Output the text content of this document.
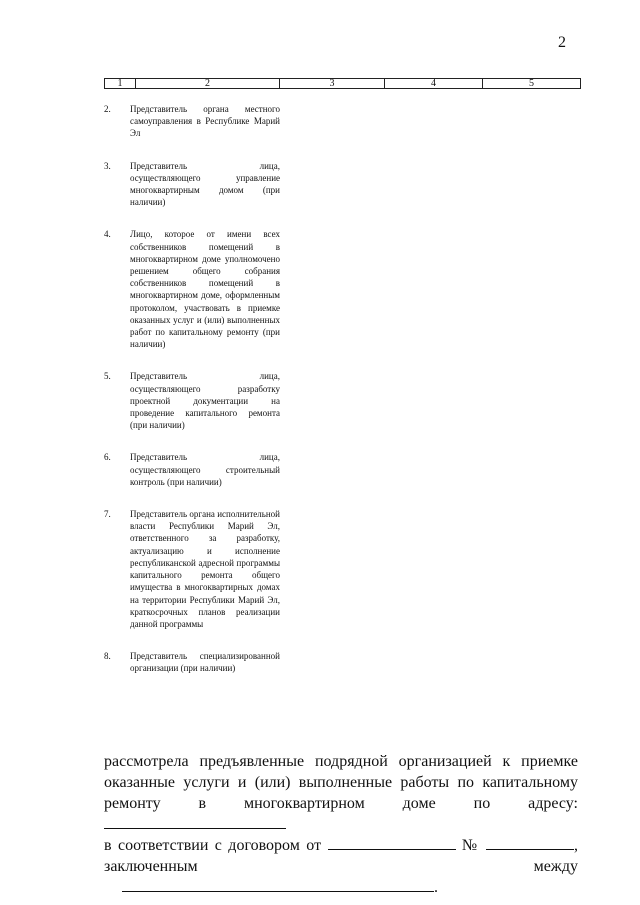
2
1	2	3	4	5
2.	Представитель органа местного самоуправления в Республике Марий Эл
3.	Представитель лица, осуществляющего управление многоквартирным домом (при наличии)
4.	Лицо, которое от имени всех собственников помещений в многоквартирном доме уполномочено решением общего собрания собственников помещений в многоквартирном доме, оформленным протоколом, участвовать в приемке оказанных услуг и (или) выполненных работ по капитальному ремонту (при наличии)
5.	Представитель лица, осуществляющего разработку проектной документации на проведение капитального ремонта (при наличии)
6.	Представитель лица, осуществляющего строительный контроль (при наличии)
7.	Представитель органа исполнительной власти Республики Марий Эл, ответственного за разработку, актуализацию и исполнение республиканской адресной программы капитального ремонта общего имущества в многоквартирных домах на территории Республики Марий Эл, краткосрочных планов реализации данной программы
8.	Представитель специализированной организации (при наличии)

рассмотрела предъявленные подрядной организацией к приемке

оказанные услуги и (или) выполненные работы по капитальному

ремонту в многоквартирном доме по адресу:

в соответствии с договором от	№	,

заключенным между .
